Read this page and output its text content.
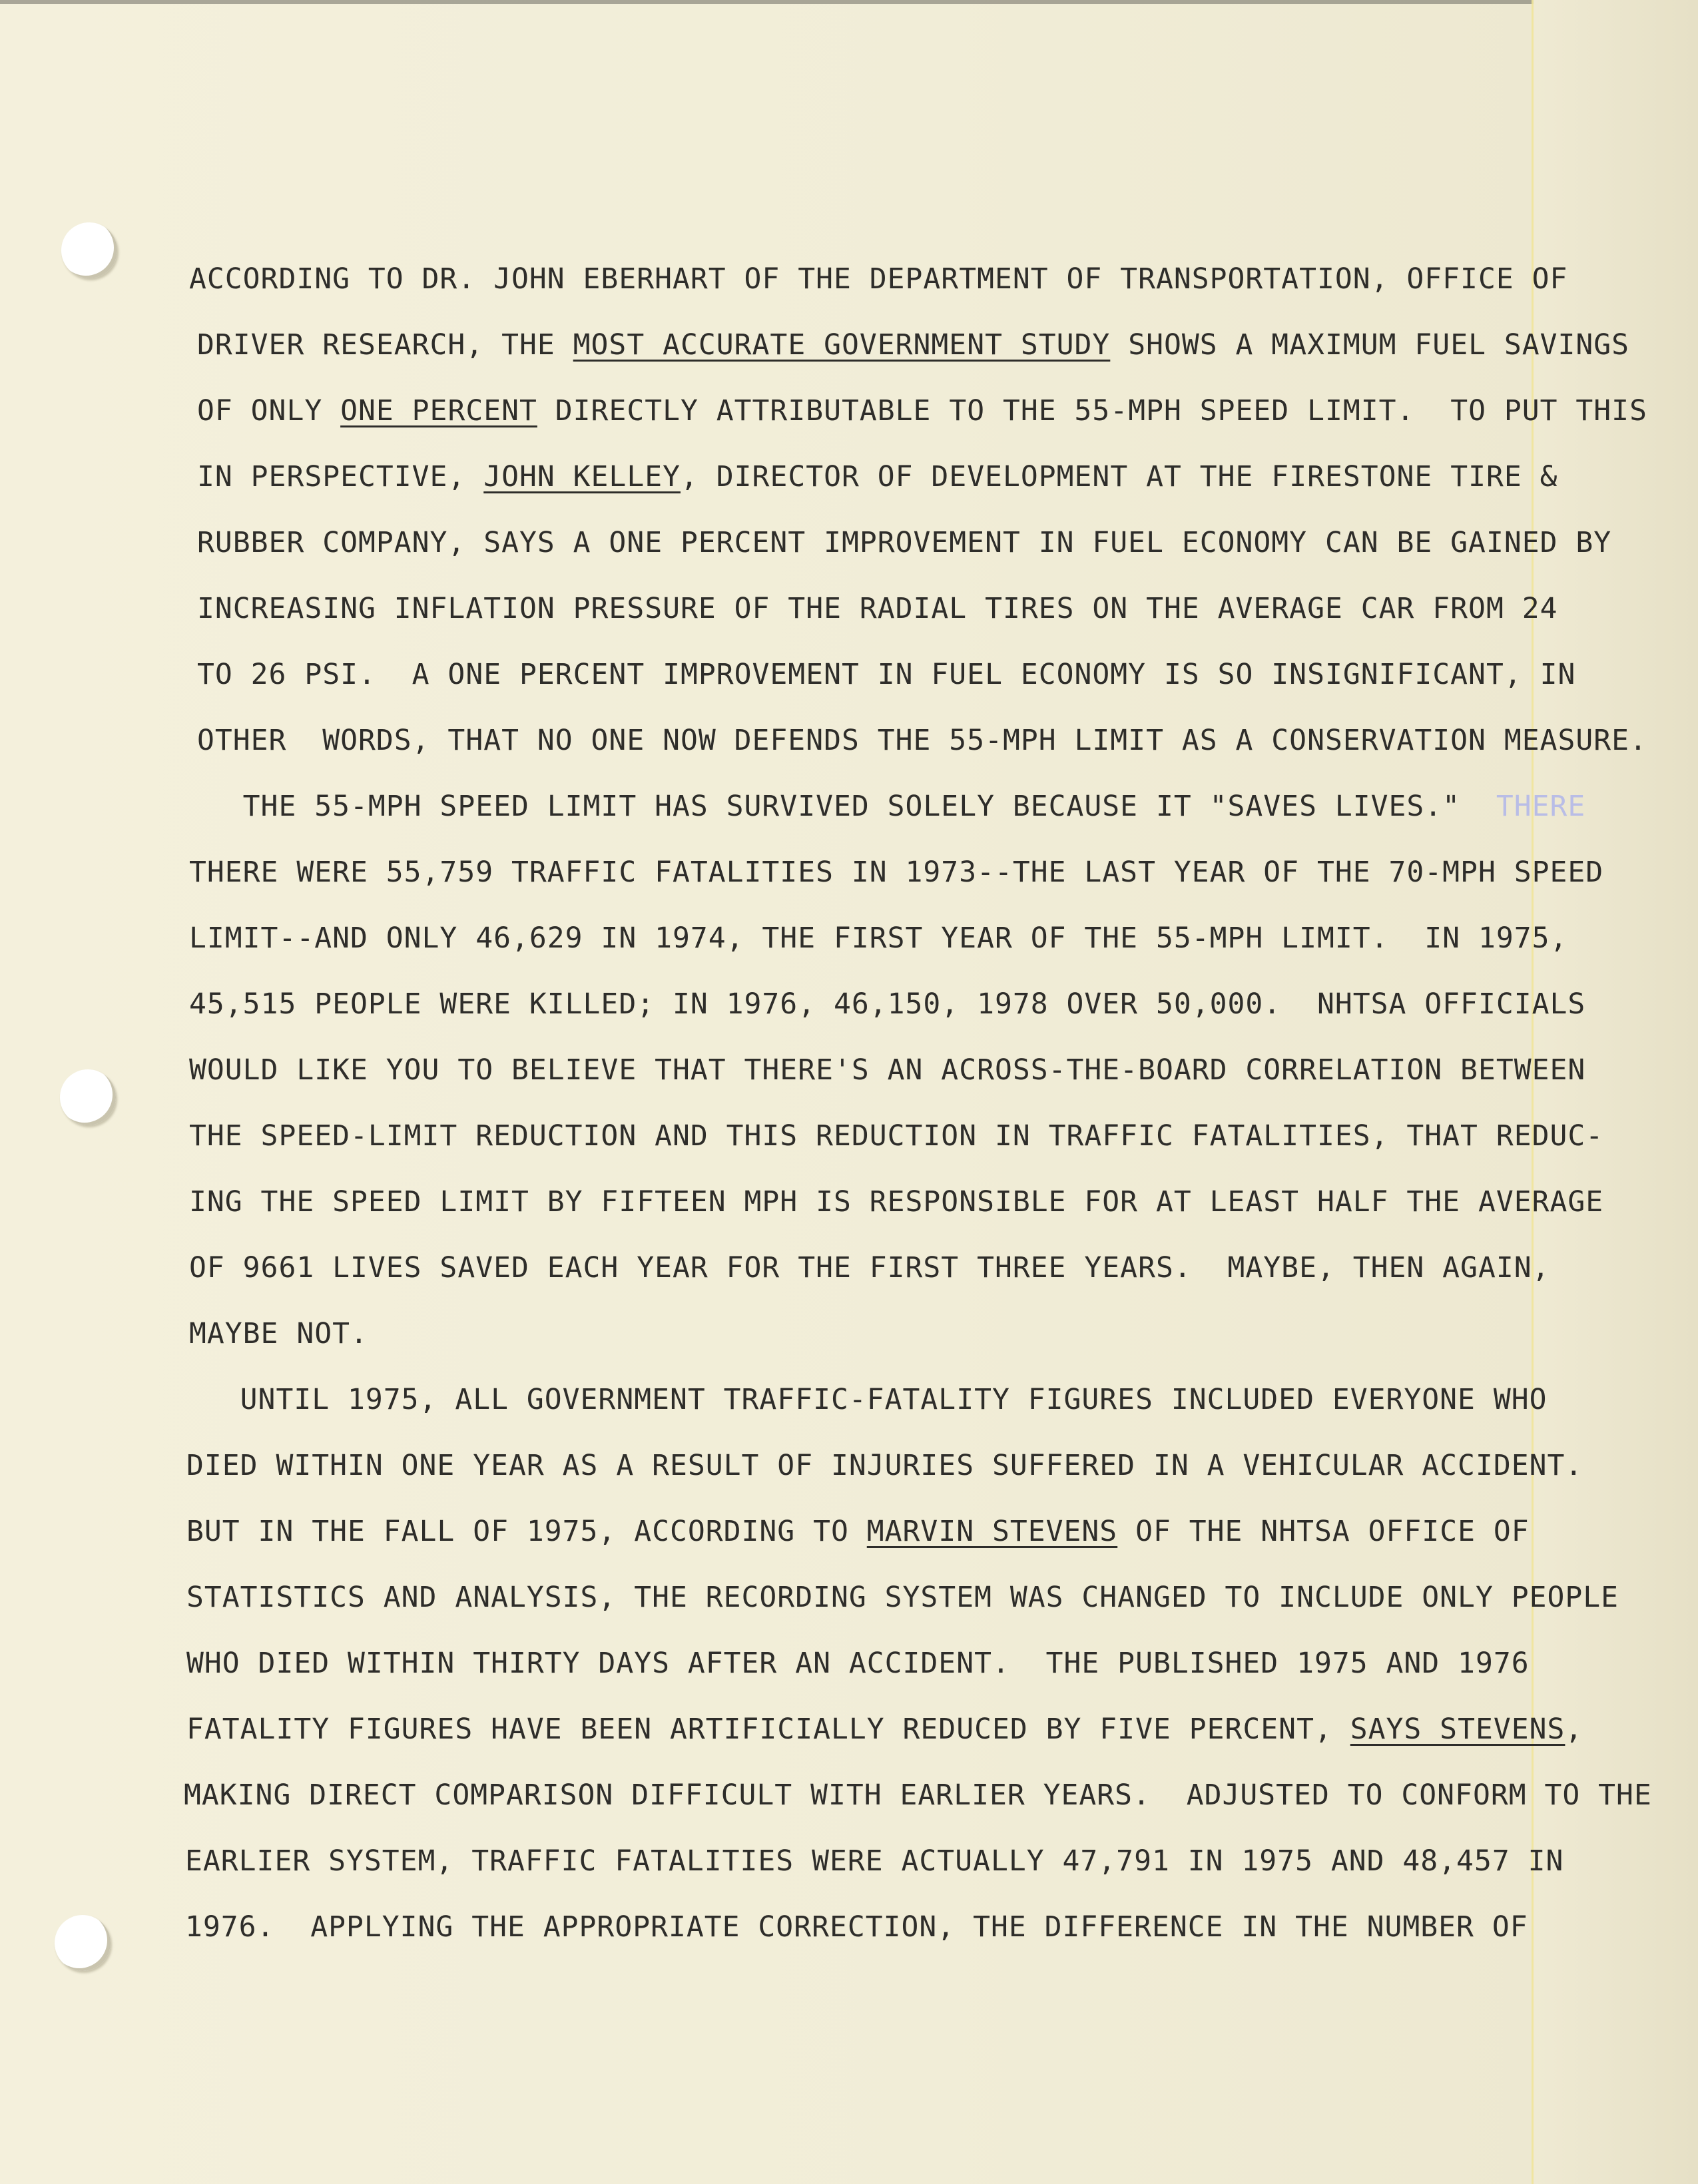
ACCORDING TO DR. JOHN EBERHART OF THE DEPARTMENT OF TRANSPORTATION, OFFICE OF
DRIVER RESEARCH, THE MOST ACCURATE GOVERNMENT STUDY SHOWS A MAXIMUM FUEL SAVINGS
OF ONLY ONE PERCENT DIRECTLY ATTRIBUTABLE TO THE 55-MPH SPEED LIMIT.  TO PUT THIS
IN PERSPECTIVE, JOHN KELLEY, DIRECTOR OF DEVELOPMENT AT THE FIRESTONE TIRE &
RUBBER COMPANY, SAYS A ONE PERCENT IMPROVEMENT IN FUEL ECONOMY CAN BE GAINED BY
INCREASING INFLATION PRESSURE OF THE RADIAL TIRES ON THE AVERAGE CAR FROM 24
TO 26 PSI.  A ONE PERCENT IMPROVEMENT IN FUEL ECONOMY IS SO INSIGNIFICANT, IN
OTHER  WORDS, THAT NO ONE NOW DEFENDS THE 55-MPH LIMIT AS A CONSERVATION MEASURE.
THE 55-MPH SPEED LIMIT HAS SURVIVED SOLELY BECAUSE IT "SAVES LIVES."  THERE
THERE WERE 55,759 TRAFFIC FATALITIES IN 1973--THE LAST YEAR OF THE 70-MPH SPEED
LIMIT--AND ONLY 46,629 IN 1974, THE FIRST YEAR OF THE 55-MPH LIMIT.  IN 1975,
45,515 PEOPLE WERE KILLED; IN 1976, 46,150, 1978 OVER 50,000.  NHTSA OFFICIALS
WOULD LIKE YOU TO BELIEVE THAT THERE'S AN ACROSS-THE-BOARD CORRELATION BETWEEN
THE SPEED-LIMIT REDUCTION AND THIS REDUCTION IN TRAFFIC FATALITIES, THAT REDUC-
ING THE SPEED LIMIT BY FIFTEEN MPH IS RESPONSIBLE FOR AT LEAST HALF THE AVERAGE
OF 9661 LIVES SAVED EACH YEAR FOR THE FIRST THREE YEARS.  MAYBE, THEN AGAIN,
MAYBE NOT.
UNTIL 1975, ALL GOVERNMENT TRAFFIC-FATALITY FIGURES INCLUDED EVERYONE WHO
DIED WITHIN ONE YEAR AS A RESULT OF INJURIES SUFFERED IN A VEHICULAR ACCIDENT.
BUT IN THE FALL OF 1975, ACCORDING TO MARVIN STEVENS OF THE NHTSA OFFICE OF
STATISTICS AND ANALYSIS, THE RECORDING SYSTEM WAS CHANGED TO INCLUDE ONLY PEOPLE
WHO DIED WITHIN THIRTY DAYS AFTER AN ACCIDENT.  THE PUBLISHED 1975 AND 1976
FATALITY FIGURES HAVE BEEN ARTIFICIALLY REDUCED BY FIVE PERCENT, SAYS STEVENS,
MAKING DIRECT COMPARISON DIFFICULT WITH EARLIER YEARS.  ADJUSTED TO CONFORM TO THE
EARLIER SYSTEM, TRAFFIC FATALITIES WERE ACTUALLY 47,791 IN 1975 AND 48,457 IN
1976.  APPLYING THE APPROPRIATE CORRECTION, THE DIFFERENCE IN THE NUMBER OF
